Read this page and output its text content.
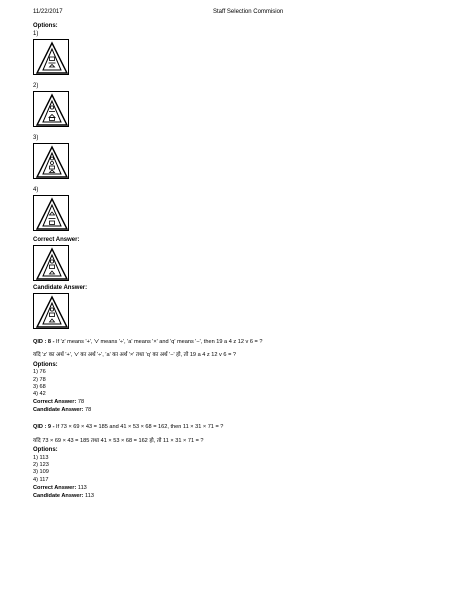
11/22/2017	Staff Selection Commision
Options:
1)
2)
3)
4)
Correct Answer:
Candidate Answer:
QID : 8 - If 'z' means '+', 'v' means '÷', 'a' means '×' and 'q' means '−', then 19 a 4 z 12 v 6 = ?
यदि 'z' का अर्थ '+', 'v' का अर्थ '÷', 'a' का अर्थ '×' तथा 'q' का अर्थ '−' हो, तो 19 a 4 z 12 v 6 = ?
Options:
1) 76
2) 78
3) 68
4) 42
Correct Answer: 78
Candidate Answer: 78
QID : 9 - If 73 × 69 × 43 = 185 and 41 × 53 × 68 = 162, then 11 × 31 × 71 = ?
यदि 73 × 69 × 43 = 185 तथा 41 × 53 × 68 = 162 हो, तो 11 × 31 × 71 = ?
Options:
1) 113
2) 123
3) 109
4) 117
Correct Answer: 113
Candidate Answer: 113
